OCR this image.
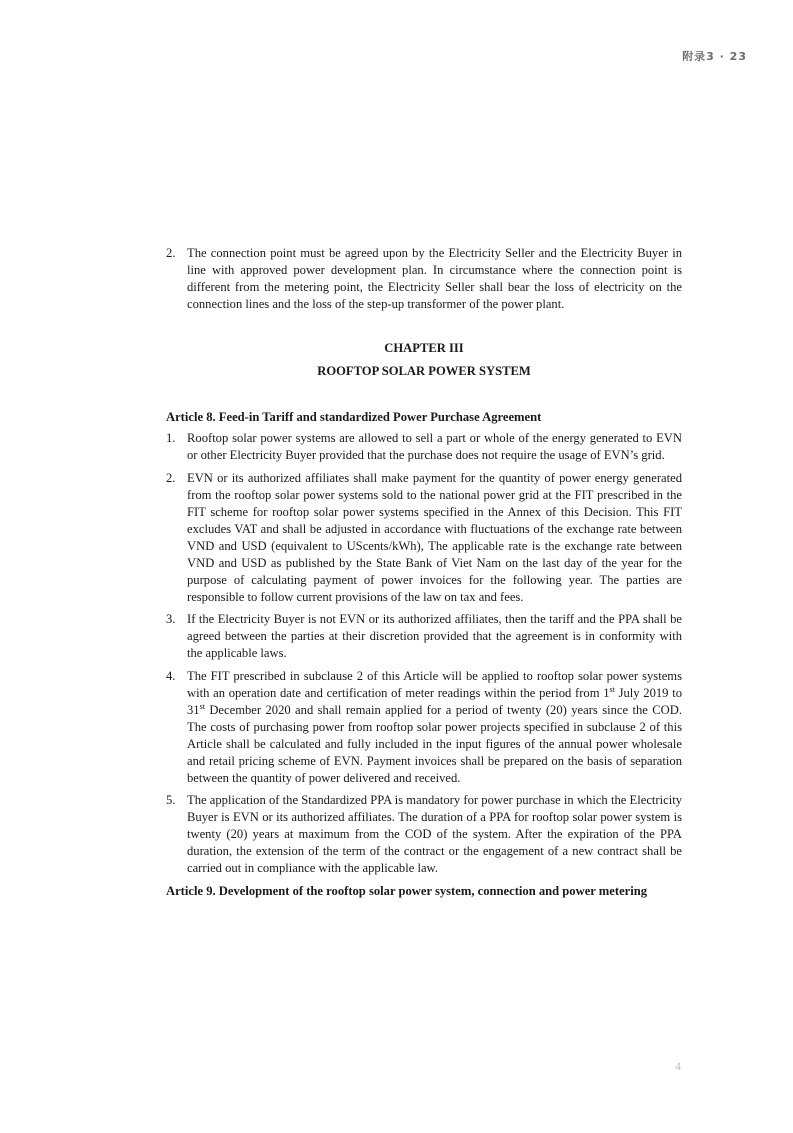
附录3 · 23

2. The connection point must be agreed upon by the Electricity Seller and the Electricity Buyer in line with approved power development plan. In circumstance where the connection point is different from the metering point, the Electricity Seller shall bear the loss of electricity on the connection lines and the loss of the step-up transformer of the power plant.

CHAPTER III

ROOFTOP SOLAR POWER SYSTEM

Article 8. Feed-in Tariff and standardized Power Purchase Agreement

1. Rooftop solar power systems are allowed to sell a part or whole of the energy generated to EVN or other Electricity Buyer provided that the purchase does not require the usage of EVN’s grid.

2. EVN or its authorized affiliates shall make payment for the quantity of power energy generated from the rooftop solar power systems sold to the national power grid at the FIT prescribed in the FIT scheme for rooftop solar power systems specified in the Annex of this Decision. This FIT excludes VAT and shall be adjusted in accordance with fluctuations of the exchange rate between VND and USD (equivalent to UScents/kWh), The applicable rate is the exchange rate between VND and USD as published by the State Bank of Viet Nam on the last day of the year for the purpose of calculating payment of power invoices for the following year. The parties are responsible to follow current provisions of the law on tax and fees.

3. If the Electricity Buyer is not EVN or its authorized affiliates, then the tariff and the PPA shall be agreed between the parties at their discretion provided that the agreement is in conformity with the applicable laws.

4. The FIT prescribed in subclause 2 of this Article will be applied to rooftop solar power systems with an operation date and certification of meter readings within the period from 1st July 2019 to 31st December 2020 and shall remain applied for a period of twenty (20) years since the COD. The costs of purchasing power from rooftop solar power projects specified in subclause 2 of this Article shall be calculated and fully included in the input figures of the annual power wholesale and retail pricing scheme of EVN. Payment invoices shall be prepared on the basis of separation between the quantity of power delivered and received.

5. The application of the Standardized PPA is mandatory for power purchase in which the Electricity Buyer is EVN or its authorized affiliates. The duration of a PPA for rooftop solar power system is twenty (20) years at maximum from the COD of the system. After the expiration of the PPA duration, the extension of the term of the contract or the engagement of a new contract shall be carried out in compliance with the applicable law.

Article 9. Development of the rooftop solar power system, connection and power metering

4
